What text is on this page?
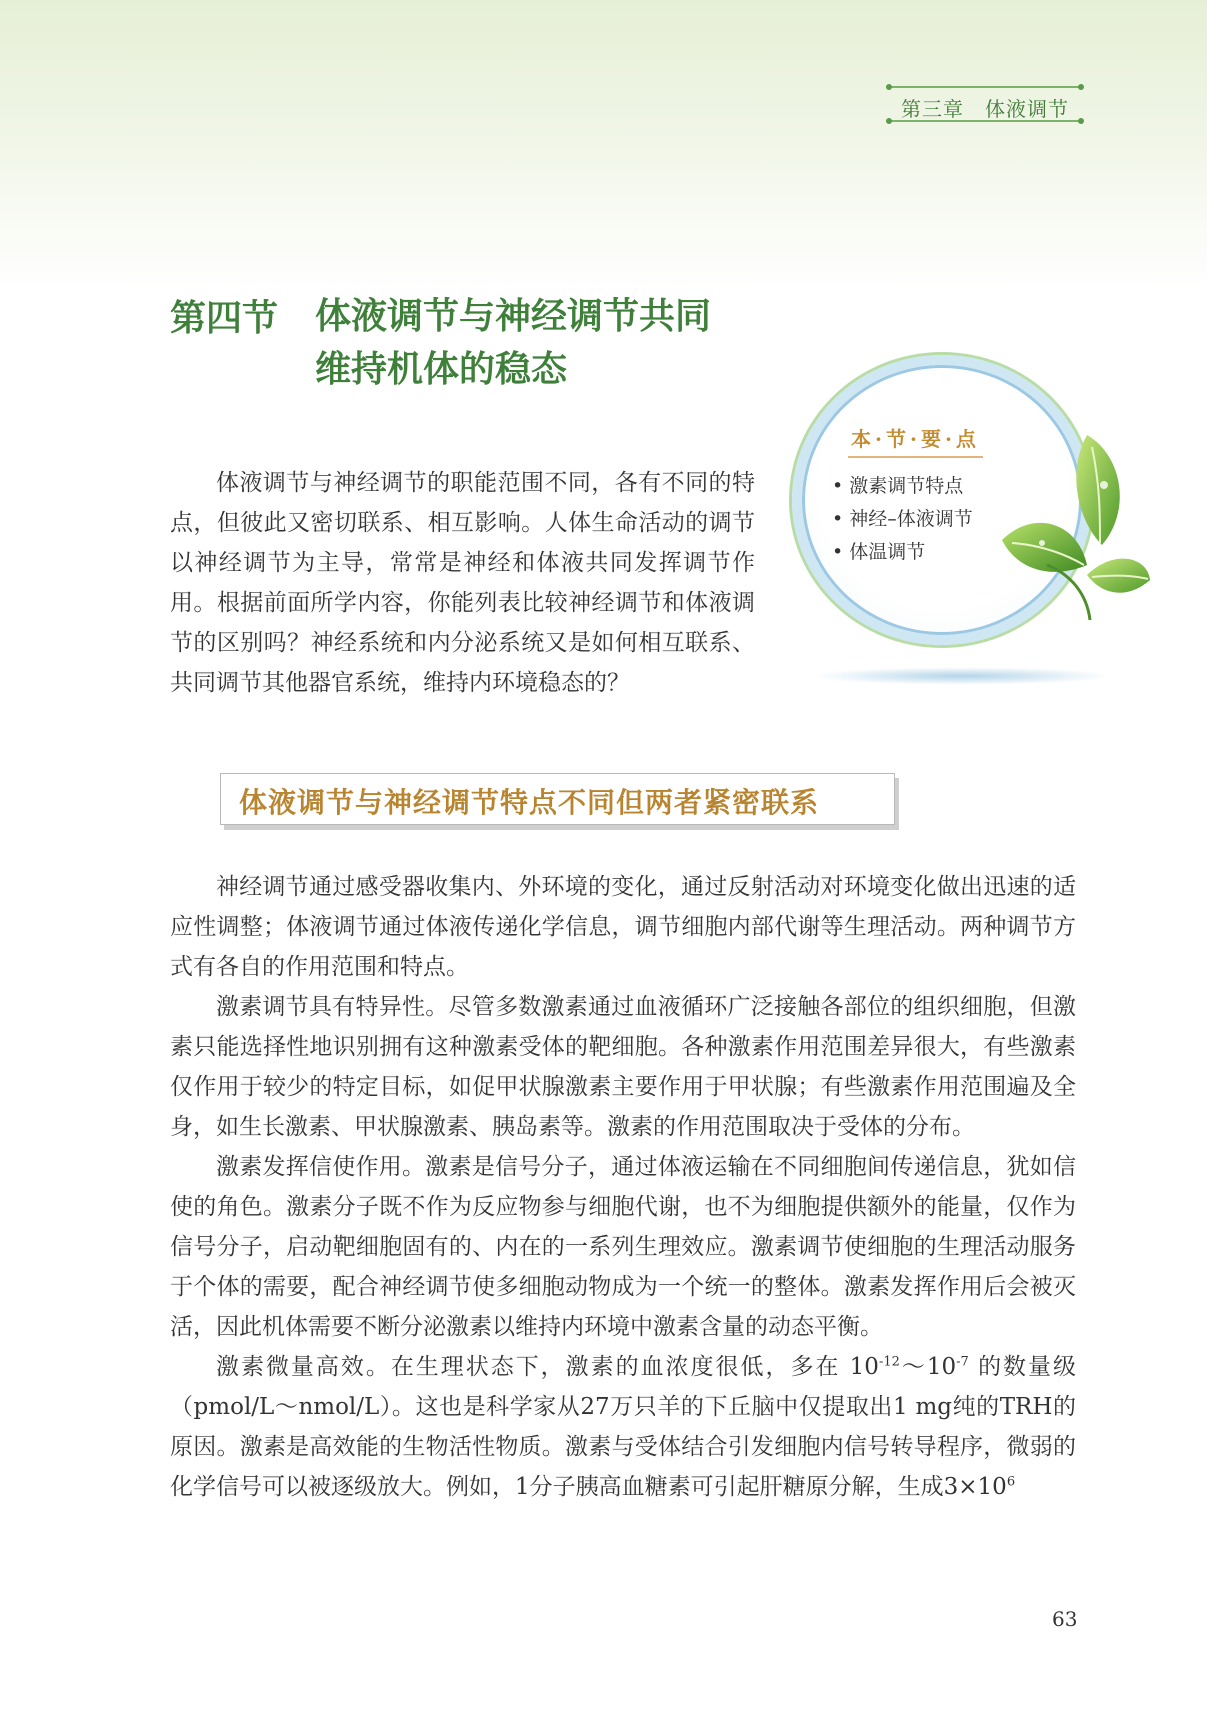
第三章　体液调节
第四节 体液调节与神经调节共同
维持机体的稳态
体液调节与神经调节的职能范围不同，各有不同的特点，但彼此又密切联系、相互影响。人体生命活动的调节以神经调节为主导，常常是神经和体液共同发挥调节作用。根据前面所学内容，你能列表比较神经调节和体液调节的区别吗？神经系统和内分泌系统又是如何相互联系、共同调节其他器官系统，维持内环境稳态的？
本·节·要·点
• 激素调节特点
• 神经–体液调节
• 体温调节
体液调节与神经调节特点不同但两者紧密联系

神经调节通过感受器收集内、外环境的变化，通过反射活动对环境变化做出迅速的适应性调整；体液调节通过体液传递化学信息，调节细胞内部代谢等生理活动。两种调节方式有各自的作用范围和特点。

激素调节具有特异性。尽管多数激素通过血液循环广泛接触各部位的组织细胞，但激素只能选择性地识别拥有这种激素受体的靶细胞。各种激素作用范围差异很大，有些激素仅作用于较少的特定目标，如促甲状腺激素主要作用于甲状腺；有些激素作用范围遍及全身，如生长激素、甲状腺激素、胰岛素等。激素的作用范围取决于受体的分布。

激素发挥信使作用。激素是信号分子，通过体液运输在不同细胞间传递信息，犹如信使的角色。激素分子既不作为反应物参与细胞代谢，也不为细胞提供额外的能量，仅作为信号分子，启动靶细胞固有的、内在的一系列生理效应。激素调节使细胞的生理活动服务于个体的需要，配合神经调节使多细胞动物成为一个统一的整体。激素发挥作用后会被灭活，因此机体需要不断分泌激素以维持内环境中激素含量的动态平衡。

激素微量高效。在生理状态下，激素的血浓度很低，多在 $10^{-12}\sim 10^{-7}$ 的数量级（pmol/L～nmol/L）。这也是科学家从27万只羊的下丘脑中仅提取出1 mg纯的TRH的原因。激素是高效能的生物活性物质。激素与受体结合引发细胞内信号转导程序，微弱的化学信号可以被逐级放大。例如，1分子胰高血糖素可引起肝糖原分解，生成$3\times 10^6$

63
